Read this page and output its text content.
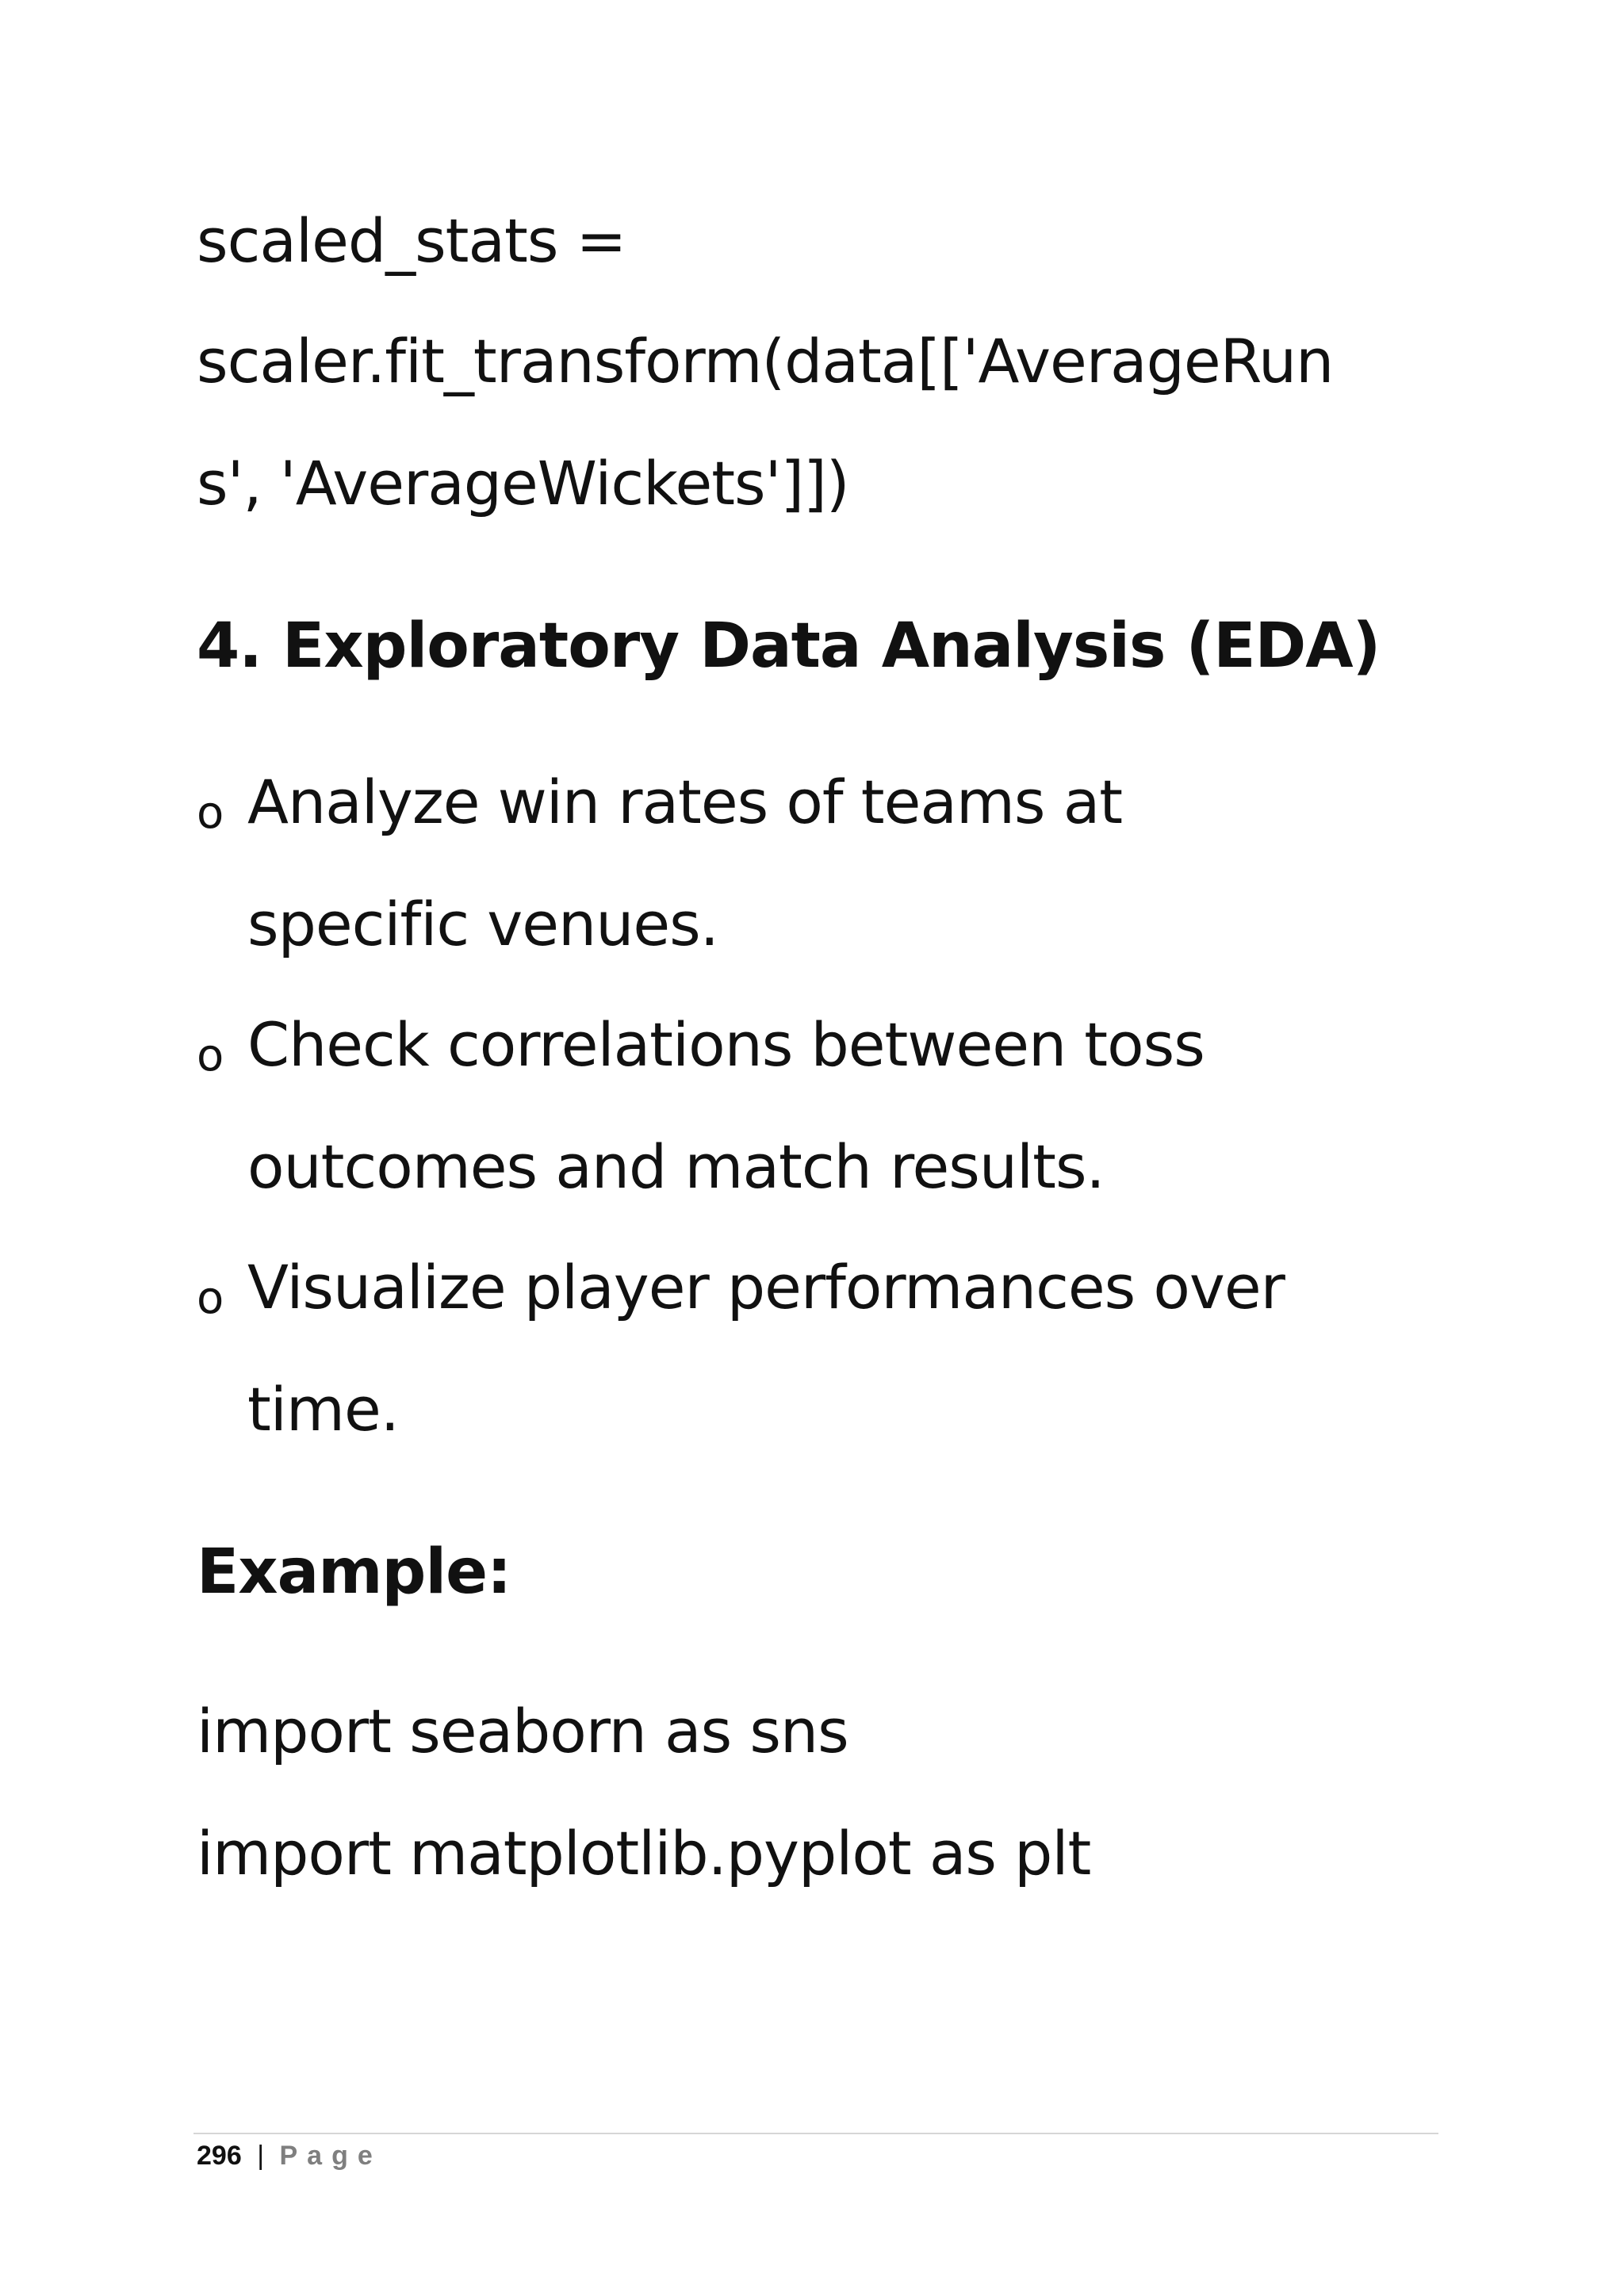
scaled_stats =
scaler.fit_transform(data[['AverageRun
s', 'AverageWickets']])
4. Exploratory Data Analysis (EDA)
o Analyze win rates of teams at
specific venues.
o Check correlations between toss
outcomes and match results.
o Visualize player performances over
time.
Example:
import seaborn as sns
import matplotlib.pyplot as plt
296 | Page
